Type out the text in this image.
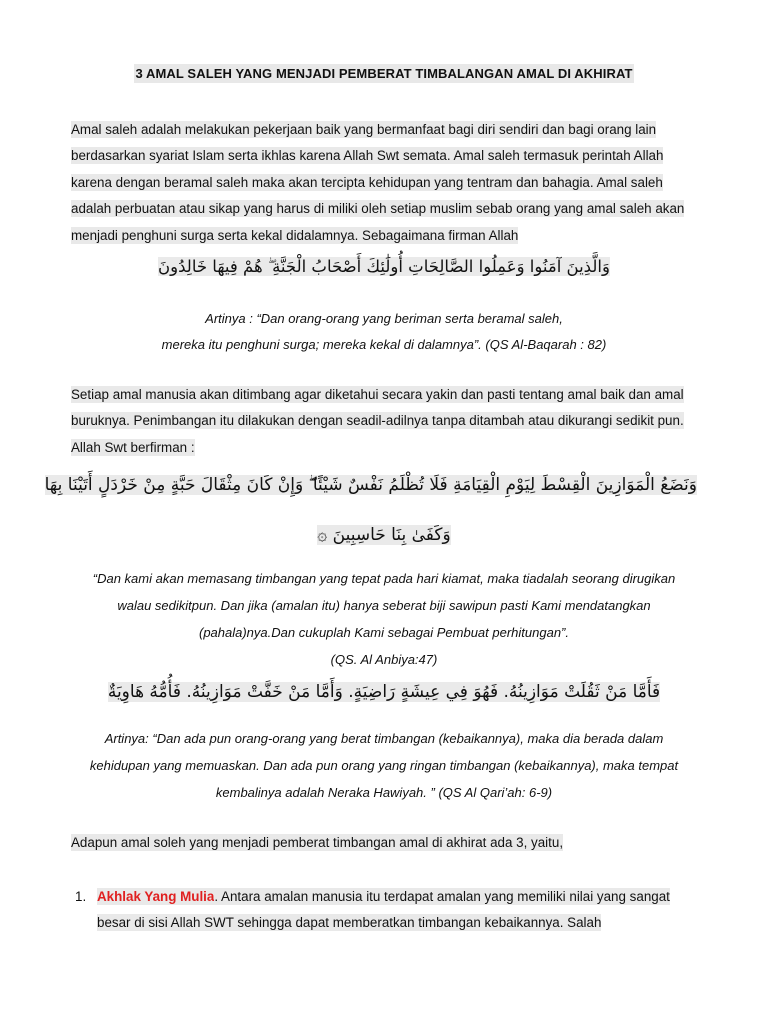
3 AMAL SALEH YANG MENJADI PEMBERAT TIMBALANGAN AMAL DI AKHIRAT
Amal saleh adalah melakukan pekerjaan baik yang bermanfaat bagi diri sendiri dan bagi orang lain berdasarkan syariat Islam serta ikhlas karena Allah Swt semata. Amal saleh termasuk perintah Allah karena dengan beramal saleh maka akan tercipta kehidupan yang tentram dan bahagia. Amal saleh adalah perbuatan atau sikap yang harus di miliki oleh setiap muslim sebab orang yang amal saleh akan menjadi penghuni surga serta kekal didalamnya. Sebagaimana firman Allah
وَالَّذِينَ آمَنُوا وَعَمِلُوا الصَّالِحَاتِ أُولَٰئِكَ أَصْحَابُ الْجَنَّةِ ۖ هُمْ فِيهَا خَالِدُونَ
Artinya : “Dan orang-orang yang beriman serta beramal saleh,
mereka itu penghuni surga; mereka kekal di dalamnya”. (QS Al-Baqarah : 82)
Setiap amal manusia akan ditimbang agar diketahui secara yakin dan pasti tentang amal baik dan amal buruknya. Penimbangan itu dilakukan dengan seadil-adilnya tanpa ditambah atau dikurangi sedikit pun. Allah Swt berfirman :
وَنَضَعُ الْمَوَازِينَ الْقِسْطَ لِيَوْمِ الْقِيَامَةِ فَلَا تُظْلَمُ نَفْسٌ شَيْئًا ۖ وَإِنْ كَانَ مِثْقَالَ حَبَّةٍ مِنْ خَرْدَلٍ أَتَيْنَا بِهَا
وَكَفَىٰ بِنَا حَاسِبِينَ ۞
“Dan kami akan memasang timbangan yang tepat pada hari kiamat, maka tiadalah seorang dirugikan
walau sedikitpun. Dan jika (amalan itu) hanya seberat biji sawipun pasti Kami mendatangkan
(pahala)nya.Dan cukuplah Kami sebagai Pembuat perhitungan”.
(QS. Al Anbiya:47)
فَأَمَّا مَنْ ثَقُلَتْ مَوَازِينُهُ. فَهُوَ فِي عِيشَةٍ رَاضِيَةٍ. وَأَمَّا مَنْ خَفَّتْ مَوَازِينُهُ. فَأُمُّهُ هَاوِيَةٌ
Artinya: “Dan ada pun orang-orang yang berat timbangan (kebaikannya), maka dia berada dalam
kehidupan yang memuaskan. Dan ada pun orang yang ringan timbangan (kebaikannya), maka tempat
kembalinya adalah Neraka Hawiyah. ” (QS Al Qari’ah: 6-9)
Adapun amal soleh yang menjadi pemberat timbangan amal di akhirat ada 3, yaitu,
1. Akhlak Yang Mulia. Antara amalan manusia itu terdapat amalan yang memiliki nilai yang sangat besar di sisi Allah SWT sehingga dapat memberatkan timbangan kebaikannya. Salah
